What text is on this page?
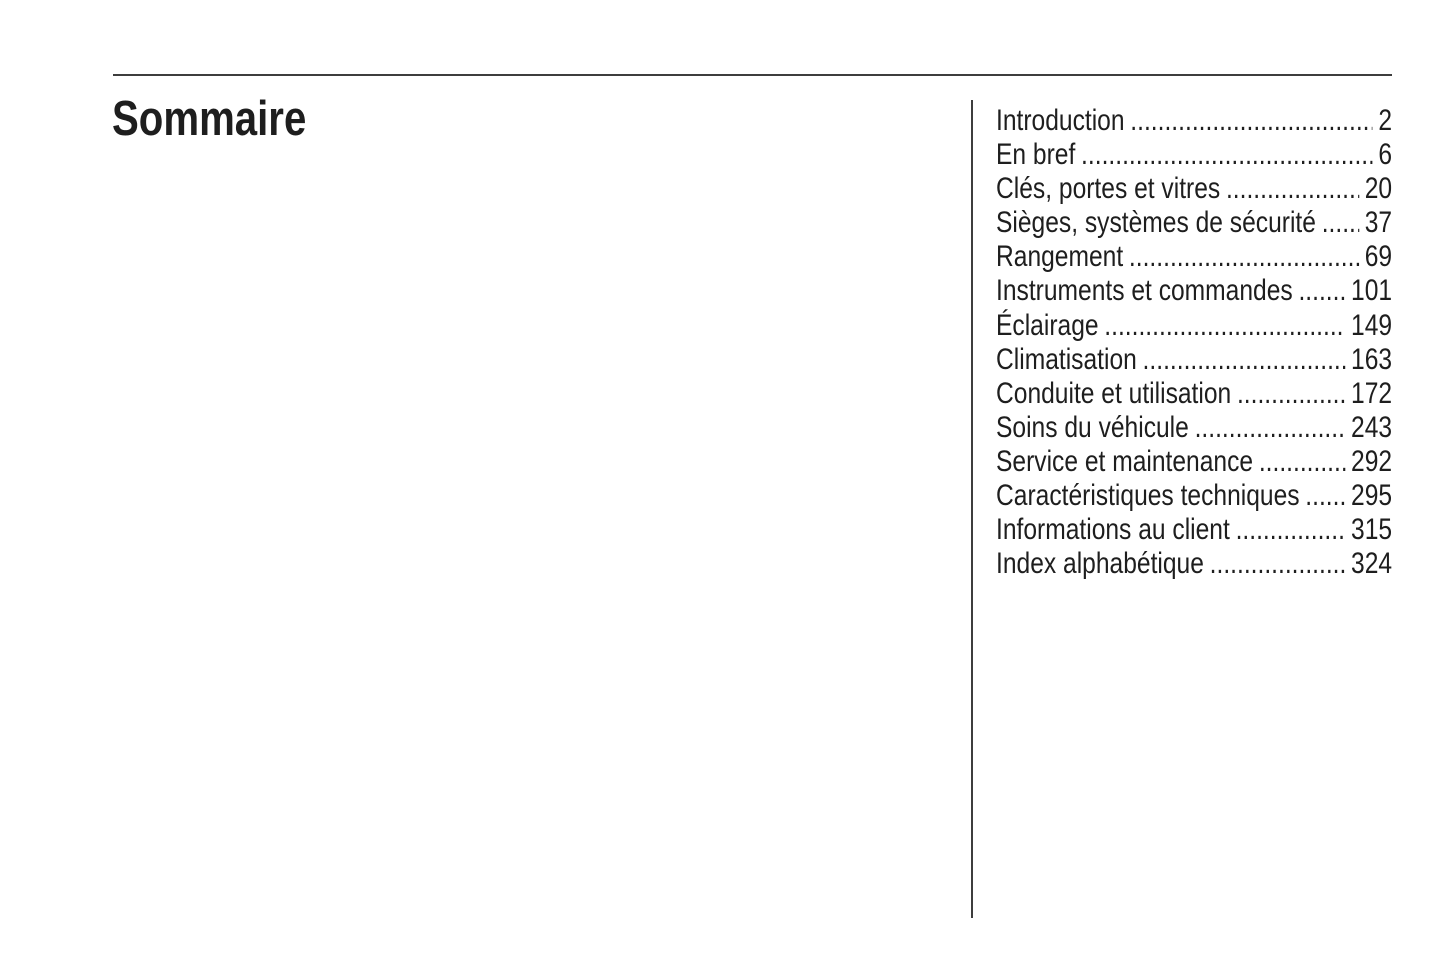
Sommaire	Introduction .....	2
En bref .....	6
Clés, portes et vitres .....	20
Sièges, systèmes de sécurité ..... 37
Rangement .....	69
Instruments et commandes ..... 101
Éclairage .....	149
Climatisation .....	163
Conduite et utilisation .....	172
Soins du véhicule .....	243
Service et maintenance .....	292
Caractéristiques techniques ..... 295
Informations au client .....	315
Index alphabétique .....	324
